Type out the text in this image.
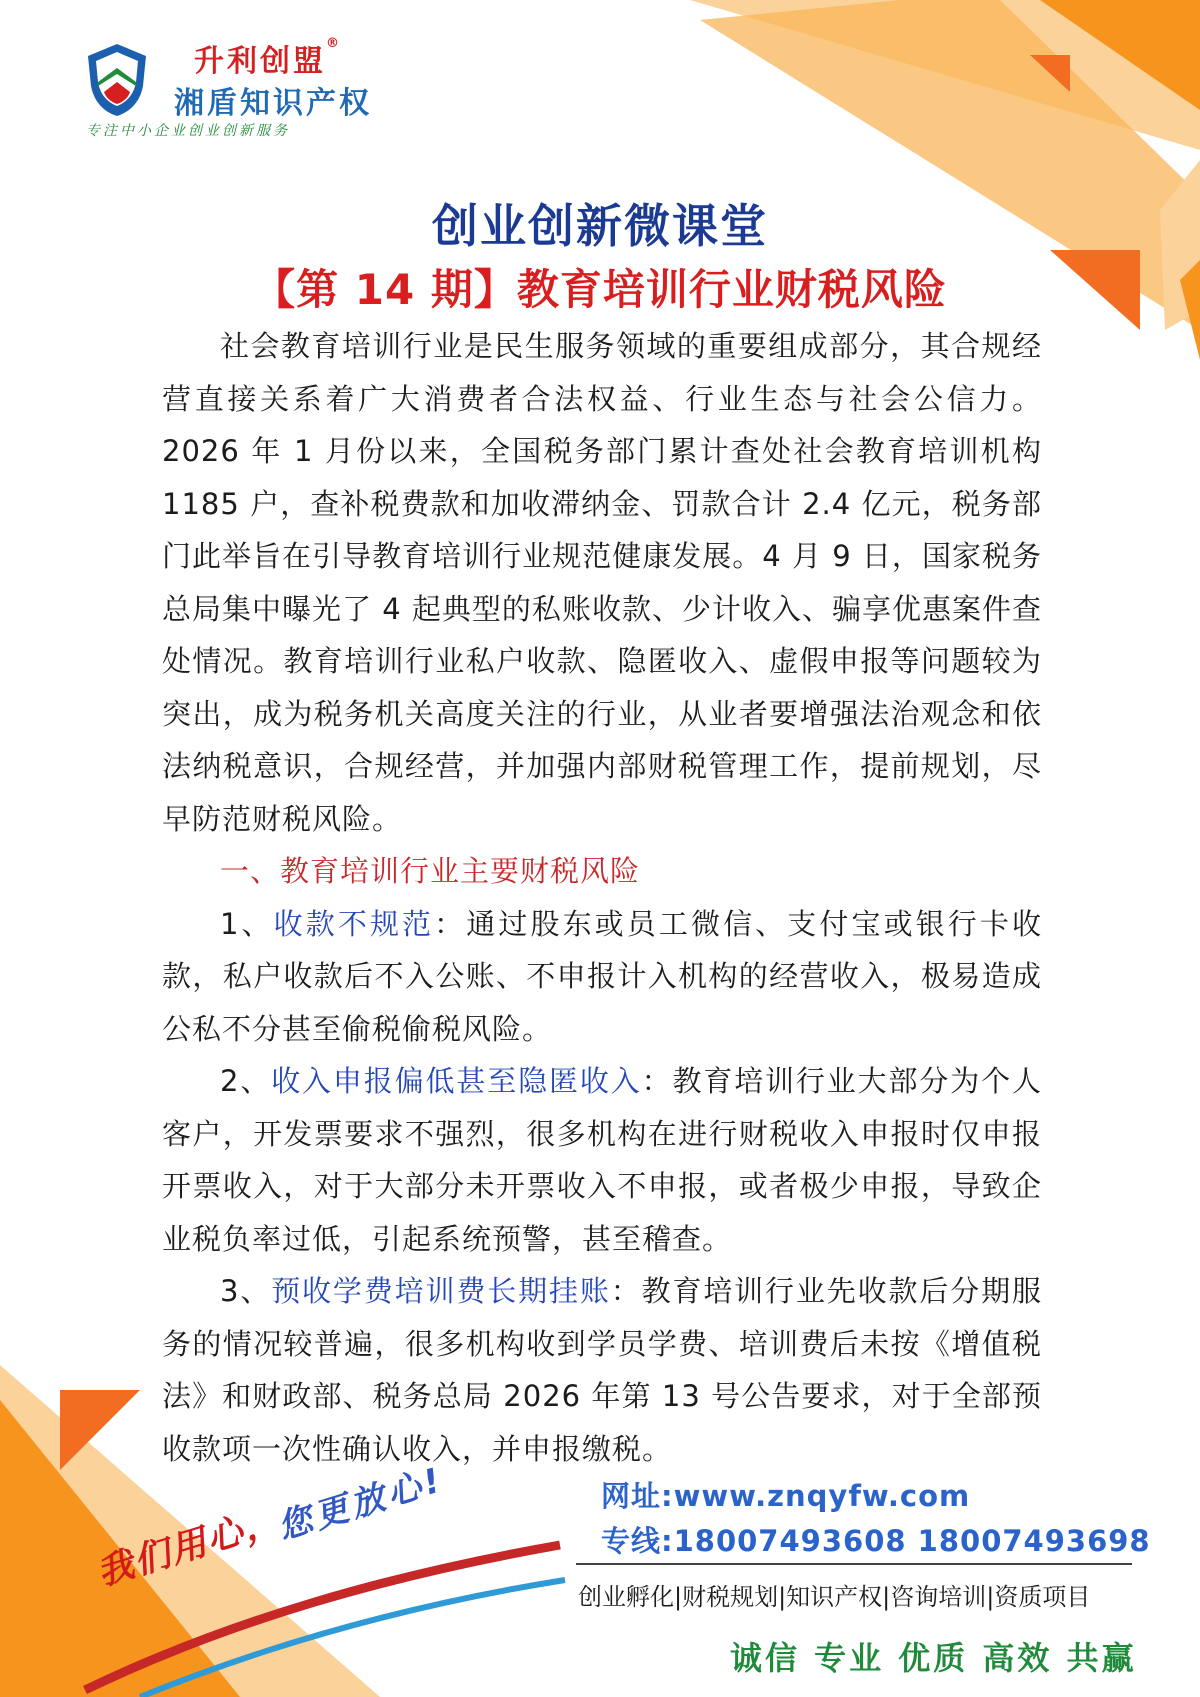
升利创盟®
湘盾知识产权
专注中小企业创业创新服务
创业创新微课堂
【第 14 期】教育培训行业财税风险

社会教育培训行业是民生服务领域的重要组成部分，其合规经营直接关系着广大消费者合法权益、行业生态与社会公信力。2026 年 1 月份以来，全国税务部门累计查处社会教育培训机构 1185 户，查补税费款和加收滞纳金、罚款合计 2.4 亿元，税务部门此举旨在引导教育培训行业规范健康发展。4 月 9 日，国家税务总局集中曝光了 4 起典型的私账收款、少计收入、骗享优惠案件查处情况。教育培训行业私户收款、隐匿收入、虚假申报等问题较为突出，成为税务机关高度关注的行业，从业者要增强法治观念和依法纳税意识，合规经营，并加强内部财税管理工作，提前规划，尽早防范财税风险。

一、教育培训行业主要财税风险

1、收款不规范：通过股东或员工微信、支付宝或银行卡收款，私户收款后不入公账、不申报计入机构的经营收入，极易造成公私不分甚至偷税偷税风险。

2、收入申报偏低甚至隐匿收入：教育培训行业大部分为个人客户，开发票要求不强烈，很多机构在进行财税收入申报时仅申报开票收入，对于大部分未开票收入不申报，或者极少申报，导致企业税负率过低，引起系统预警，甚至稽查。

3、预收学费培训费长期挂账：教育培训行业先收款后分期服务的情况较普遍，很多机构收到学员学费、培训费后未按《增值税法》和财政部、税务总局 2026 年第 13 号公告要求，对于全部预收款项一次性确认收入，并申报缴税。

我们用心，
您更放心!	网址:www.znqyfw.com
专线:18007493608 18007493698
创业孵化|财税规划|知识产权|咨询培训|资质项目
诚信 专业 优质 高效 共赢
